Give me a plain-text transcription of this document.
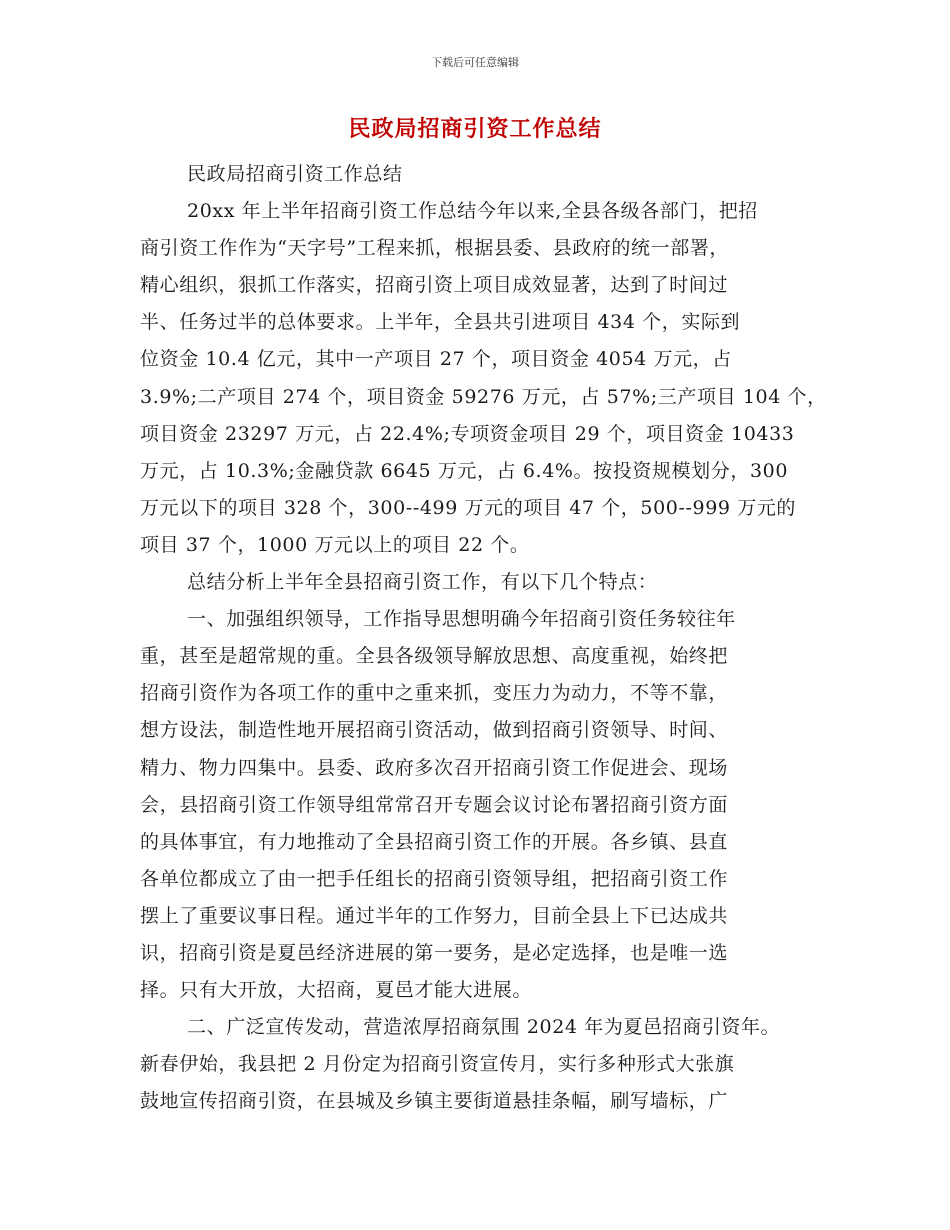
下载后可任意编辑
民政局招商引资工作总结
民政局招商引资工作总结
20xx 年上半年招商引资工作总结今年以来,全县各级各部门，把招
商引资工作作为“天字号”工程来抓，根据县委、县政府的统一部署，
精心组织，狠抓工作落实，招商引资上项目成效显著，达到了时间过
半、任务过半的总体要求。上半年，全县共引进项目 434 个，实际到
位资金 10.4 亿元，其中一产项目 27 个，项目资金 4054 万元，占
3.9%;二产项目 274 个，项目资金 59276 万元，占 57%;三产项目 104 个，
项目资金 23297 万元，占 22.4%;专项资金项目 29 个，项目资金 10433
万元，占 10.3%;金融贷款 6645 万元，占 6.4%。按投资规模划分，300
万元以下的项目 328 个，300--499 万元的项目 47 个，500--999 万元的
项目 37 个，1000 万元以上的项目 22 个。
总结分析上半年全县招商引资工作，有以下几个特点：
一、加强组织领导，工作指导思想明确今年招商引资任务较往年
重，甚至是超常规的重。全县各级领导解放思想、高度重视，始终把
招商引资作为各项工作的重中之重来抓，变压力为动力，不等不靠，
想方设法，制造性地开展招商引资活动，做到招商引资领导、时间、
精力、物力四集中。县委、政府多次召开招商引资工作促进会、现场
会，县招商引资工作领导组常常召开专题会议讨论布署招商引资方面
的具体事宜，有力地推动了全县招商引资工作的开展。各乡镇、县直
各单位都成立了由一把手任组长的招商引资领导组，把招商引资工作
摆上了重要议事日程。通过半年的工作努力，目前全县上下已达成共
识，招商引资是夏邑经济进展的第一要务，是必定选择，也是唯一选
择。只有大开放，大招商，夏邑才能大进展。
二、广泛宣传发动，营造浓厚招商氛围 2024 年为夏邑招商引资年。
新春伊始，我县把 2 月份定为招商引资宣传月，实行多种形式大张旗
鼓地宣传招商引资，在县城及乡镇主要街道悬挂条幅，刷写墙标，广
